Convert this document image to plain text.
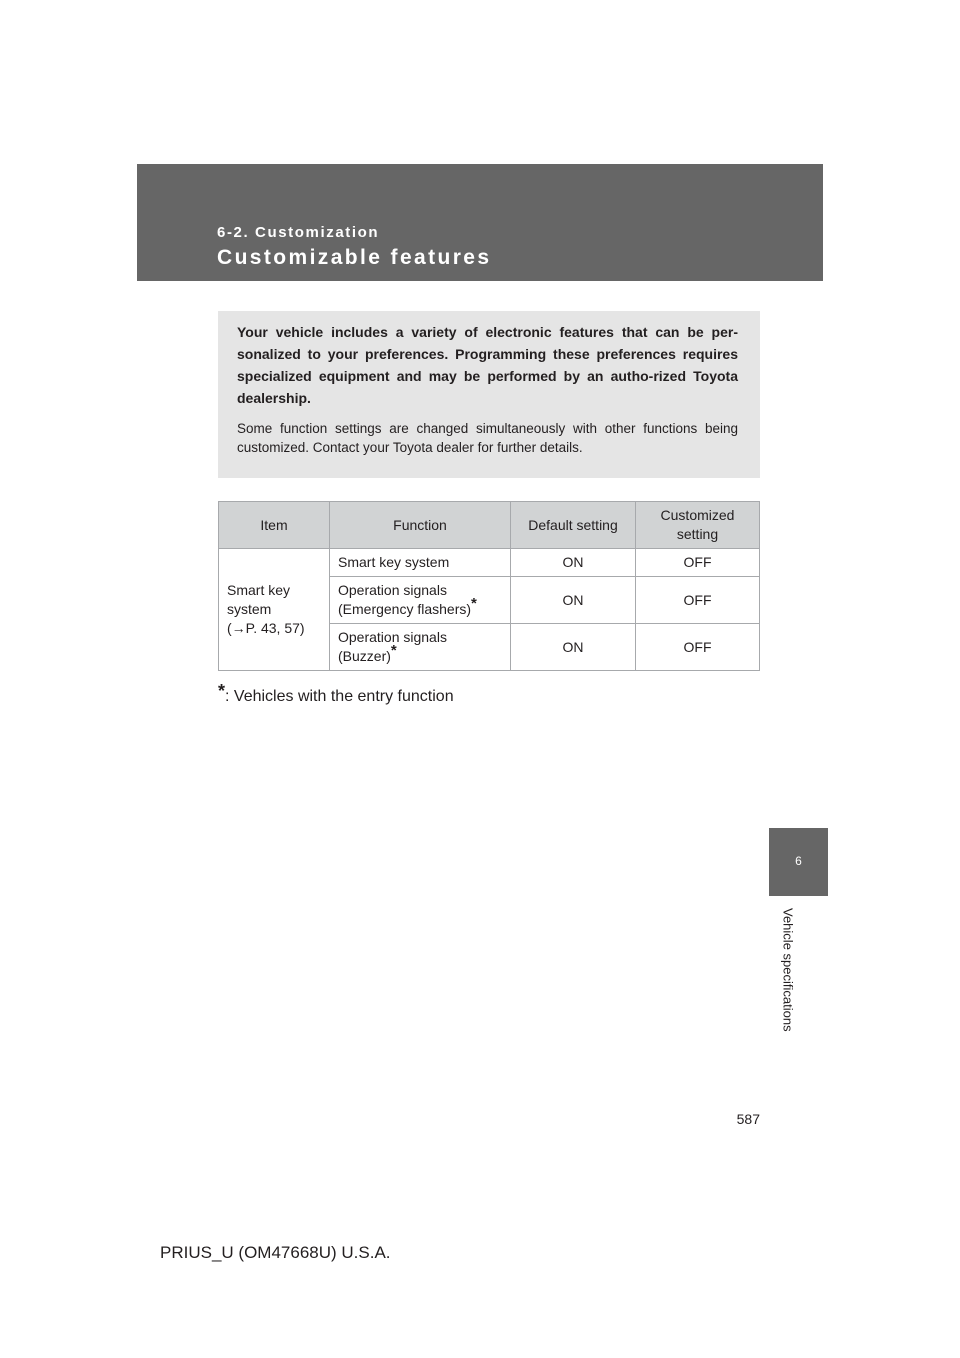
6-2. Customization
Customizable features

Your vehicle includes a variety of electronic features that can be per-sonalized to your preferences. Programming these preferences requires specialized equipment and may be performed by an autho-rized Toyota dealership.

Some function settings are changed simultaneously with other functions being customized. Contact your Toyota dealer for further details.

Item	Function	Default setting	Customized setting

Smart key
system
(→P. 43, 57)	Smart key system	ON	OFF

	Operation signals
(Emergency flashers)*	ON	OFF

	Operation signals
(Buzzer)*	ON	OFF
*: Vehicles with the entry function
6
Vehicle specifications
587
PRIUS_U (OM47668U) U.S.A.
